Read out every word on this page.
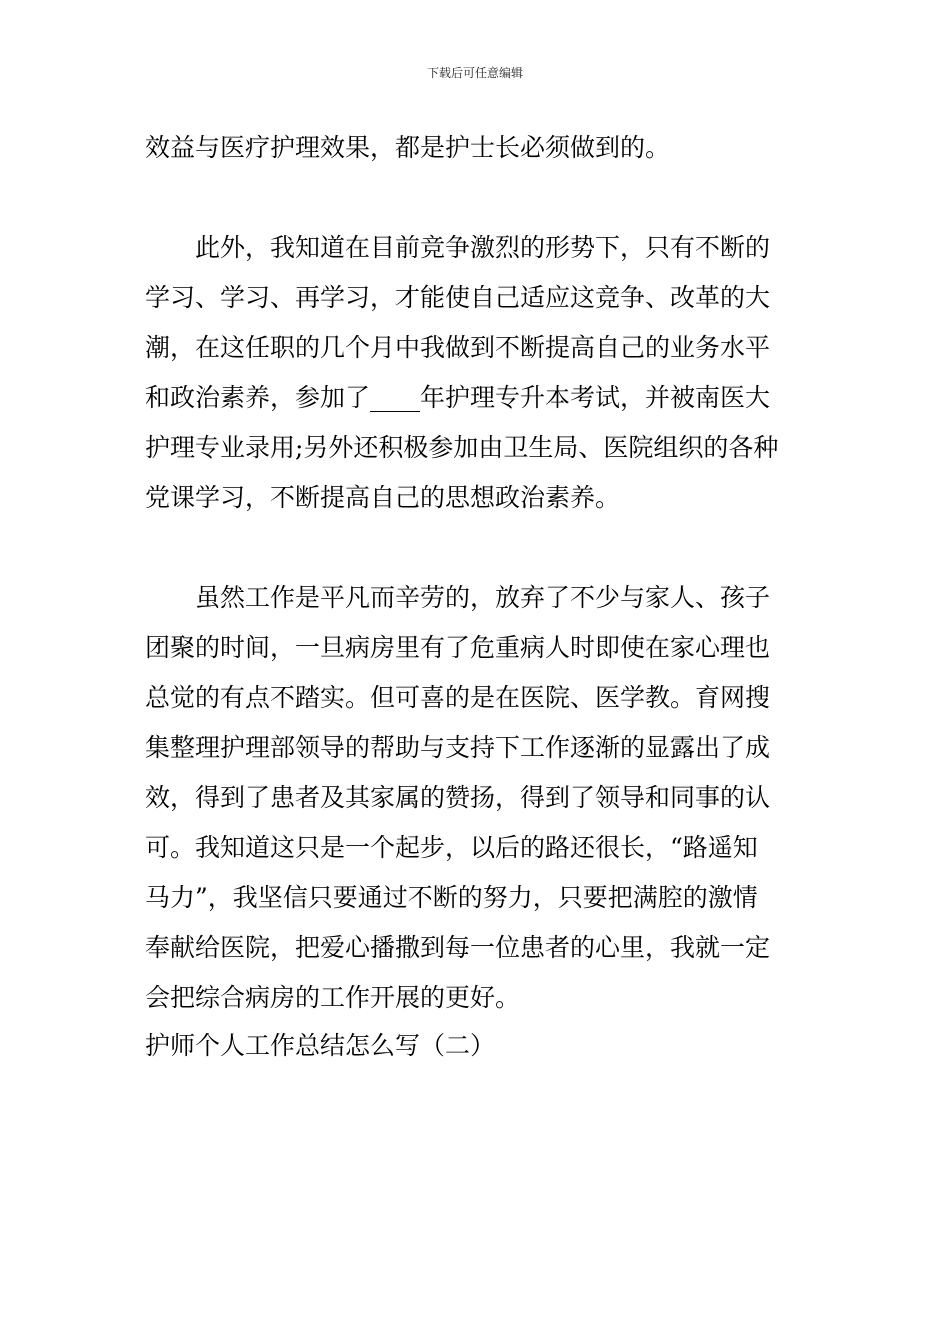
下载后可任意编辑
效益与医疗护理效果，都是护士长必须做到的。
　　此外，我知道在目前竞争激烈的形势下，只有不断的
学习、学习、再学习，才能使自己适应这竞争、改革的大
潮，在这任职的几个月中我做到不断提高自己的业务水平
和政治素养，参加了____年护理专升本考试，并被南医大
护理专业录用;另外还积极参加由卫生局、医院组织的各种
党课学习，不断提高自己的思想政治素养。
　　虽然工作是平凡而辛劳的，放弃了不少与家人、孩子
团聚的时间，一旦病房里有了危重病人时即使在家心理也
总觉的有点不踏实。但可喜的是在医院、医学教。育网搜
集整理护理部领导的帮助与支持下工作逐渐的显露出了成
效，得到了患者及其家属的赞扬，得到了领导和同事的认
可。我知道这只是一个起步，以后的路还很长，“路遥知
马力”，我坚信只要通过不断的努力，只要把满腔的激情
奉献给医院，把爱心播撒到每一位患者的心里，我就一定
会把综合病房的工作开展的更好。
护师个人工作总结怎么写（二）
